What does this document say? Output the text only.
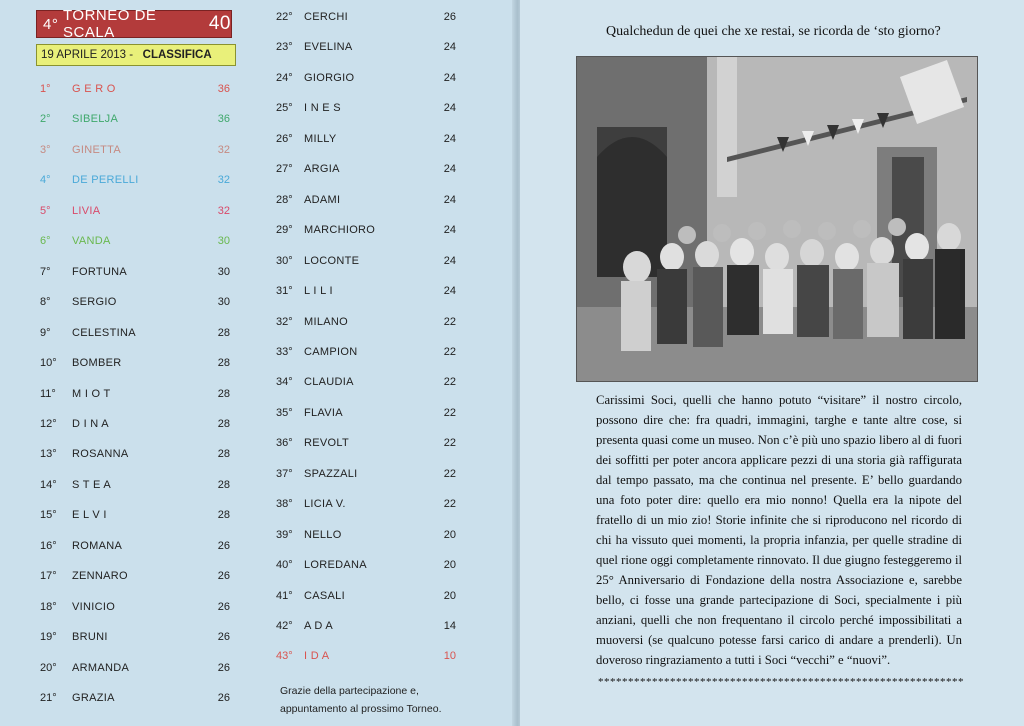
4°
TORNEO DE SCALA	40
19 APRILE 2013 -
CLASSIFICA
1°	G E R O	36
2°	SIBELJA	36
3°	GINETTA	32
4°	DE PERELLI	32
5°	LIVIA	32
6°	VANDA	30
7°	FORTUNA	30
8°	SERGIO	30
9°	CELESTINA	28
10°	BOMBER	28
11°	M I O T	28
12°	D I N A	28
13°	ROSANNA	28
14°	S T E A	28
15°	E L V I	28
16°	ROMANA	26
17°	ZENNARO	26
18°	VINICIO	26
19°	BRUNI	26
20°	ARMANDA	26
21°	GRAZIA	26
22°	CERCHI	26
23°	EVELINA	24
24°	GIORGIO	24
25°	I N E S	24
26°	MILLY	24
27°	ARGIA	24
28°	ADAMI	24
29°	MARCHIORO	24
30°	LOCONTE	24
31°	L I L I	24
32°	MILANO	22
33°	CAMPION	22
34°	CLAUDIA	22
35°	FLAVIA	22
36°	REVOLT	22
37°	SPAZZALI	22
38°	LICIA V.	22
39°	NELLO	20
40°	LOREDANA	20
41°	CASALI	20
42°	A D A	14
43°	I D A	10
Grazie della partecipazione e,
appuntamento al prossimo Torneo.
Qualchedun de quei che xe restai, se ricorda de ‘sto giorno?
Carissimi Soci, quelli che hanno potuto “visitare” il nostro circolo, possono dire che: fra quadri, immagini, targhe e tante altre cose, si presenta quasi come un museo. Non c’è più uno spazio libero al di fuori dei soffitti per poter ancora applicare pezzi di una storia già raffigurata dal tempo passato, ma che continua nel presente. E’ bello guardando una foto poter dire: quello era mio nonno! Quella era la nipote del fratello di un mio zio! Storie infinite che si riproducono nel ricordo di chi ha vissuto quei momenti, la propria infanzia, per quelle stradine di quel rione oggi completamente rinnovato. Il due giugno festeggeremo il 25° Anniversario di Fondazione della nostra Associazione e, sarebbe bello, ci fosse una grande partecipazione di Soci, specialmente i più anziani, quelli che non frequentano il circolo perché impossibilitati a muoversi (se qualcuno potesse farsi carico di andare a prenderli). Un doveroso ringraziamento a tutti i Soci “vecchi” e “nuovi”.
*************************************************************
